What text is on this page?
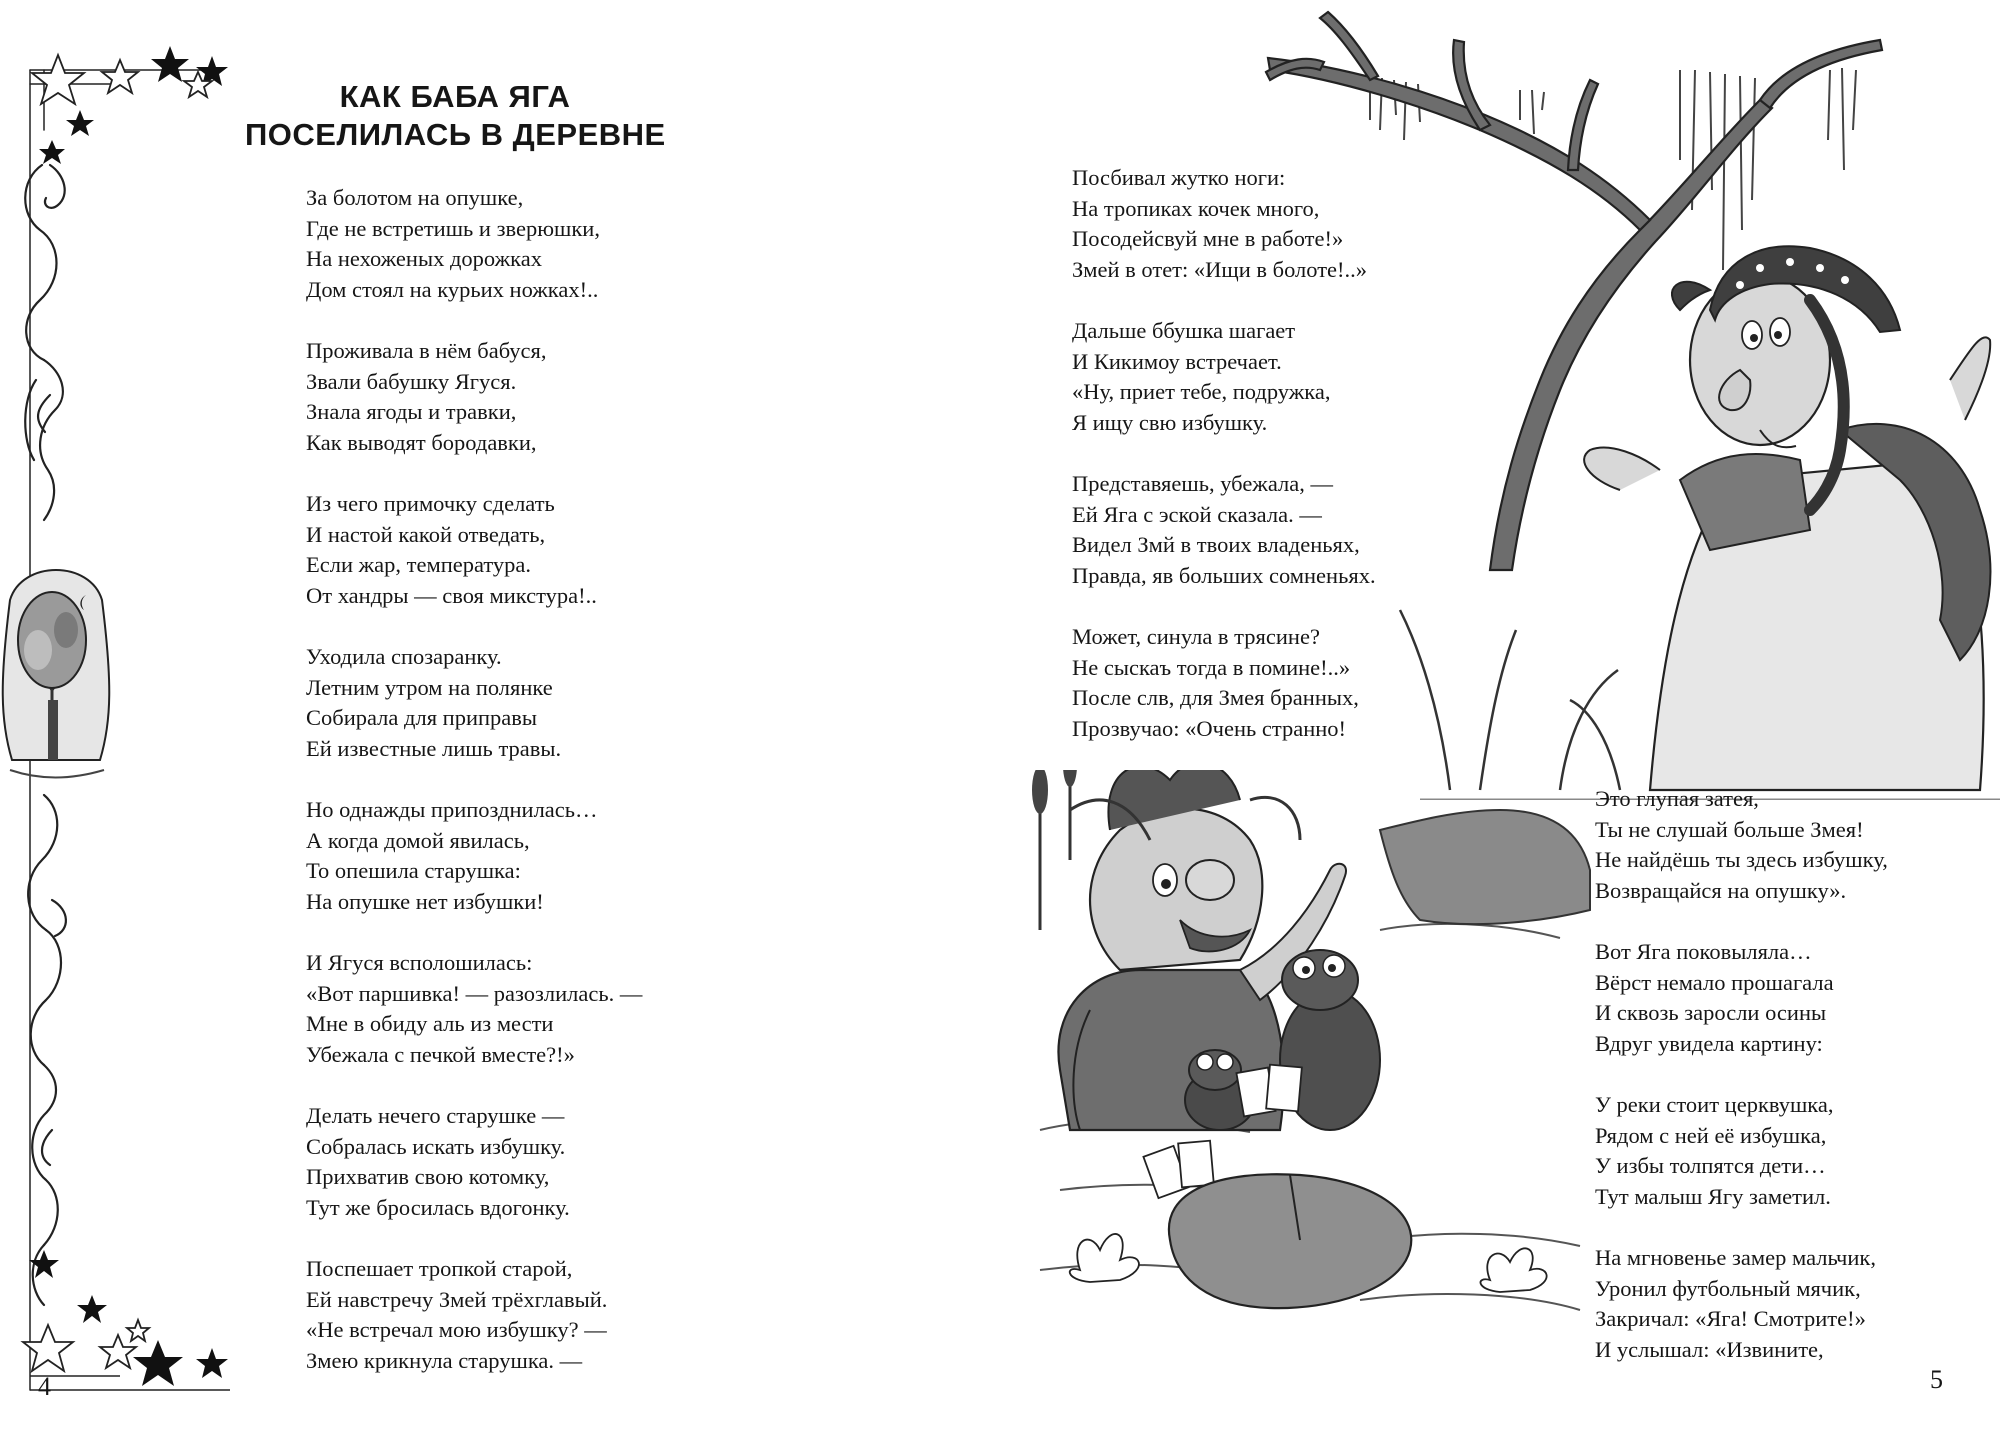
КАК БАБА ЯГА
ПОСЕЛИЛАСЬ В ДЕРЕВНЕ
За болотом на опушке,
Где не встретишь и зверюшки,
На нехоженых дорожках
Дом стоял на курьих ножках!..
Проживала в нём бабуся,
Звали бабушку Ягуся.
Знала ягоды и травки,
Как выводят бородавки,
Из чего примочку сделать
И настой какой отведать,
Если жар, температура.
От хандры — своя микстура!..
Уходила спозаранку.
Летним утром на полянке
Собирала для приправы
Ей известные лишь травы.
Но однажды припозднилась…
А когда домой явилась,
То опешила старушка:
На опушке нет избушки!
И Ягуся всполошилась:
«Вот паршивка! — разозлилась. —
Мне в обиду аль из мести
Убежала с печкой вместе?!»
Делать нечего старушке —
Собралась искать избушку.
Прихватив свою котомку,
Тут же бросилась вдогонку.
Поспешает тропкой старой,
Ей навстречу Змей трёхглавый.
«Не встречал мою избушку? —
Змею крикнула старушка. —
4
Посбивал жутко ноги:
На тропиках кочек много,
Посодейсвуй мне в работе!»
Змей в отет: «Ищи в болоте!..»
Дальше ббушка шагает
И Кикимоу встречает.
«Ну, приет тебе, подружка,
Я ищу свю избушку.
Представяешь, убежала, —
Ей Яга с эской сказала. —
Видел Змй в твоих владеньях,
Правда, яв больших сомненьях.
Может, синула в трясине?
Не сыскаъ тогда в помине!..»
После слв, для Змея бранных,
Прозвучао: «Очень странно!
Это глупая затея,
Ты не слушай больше Змея!
Не найдёшь ты здесь избушку,
Возвращайся на опушку».
Вот Яга поковыляла…
Вёрст немало прошагала
И сквозь заросли осины
Вдруг увидела картину:
У реки стоит церквушка,
Рядом с ней её избушка,
У избы толпятся дети…
Тут малыш Ягу заметил.
На мгновенье замер мальчик,
Уронил футбольный мячик,
Закричал: «Яга! Смотрите!»
И услышал: «Извините,
5
